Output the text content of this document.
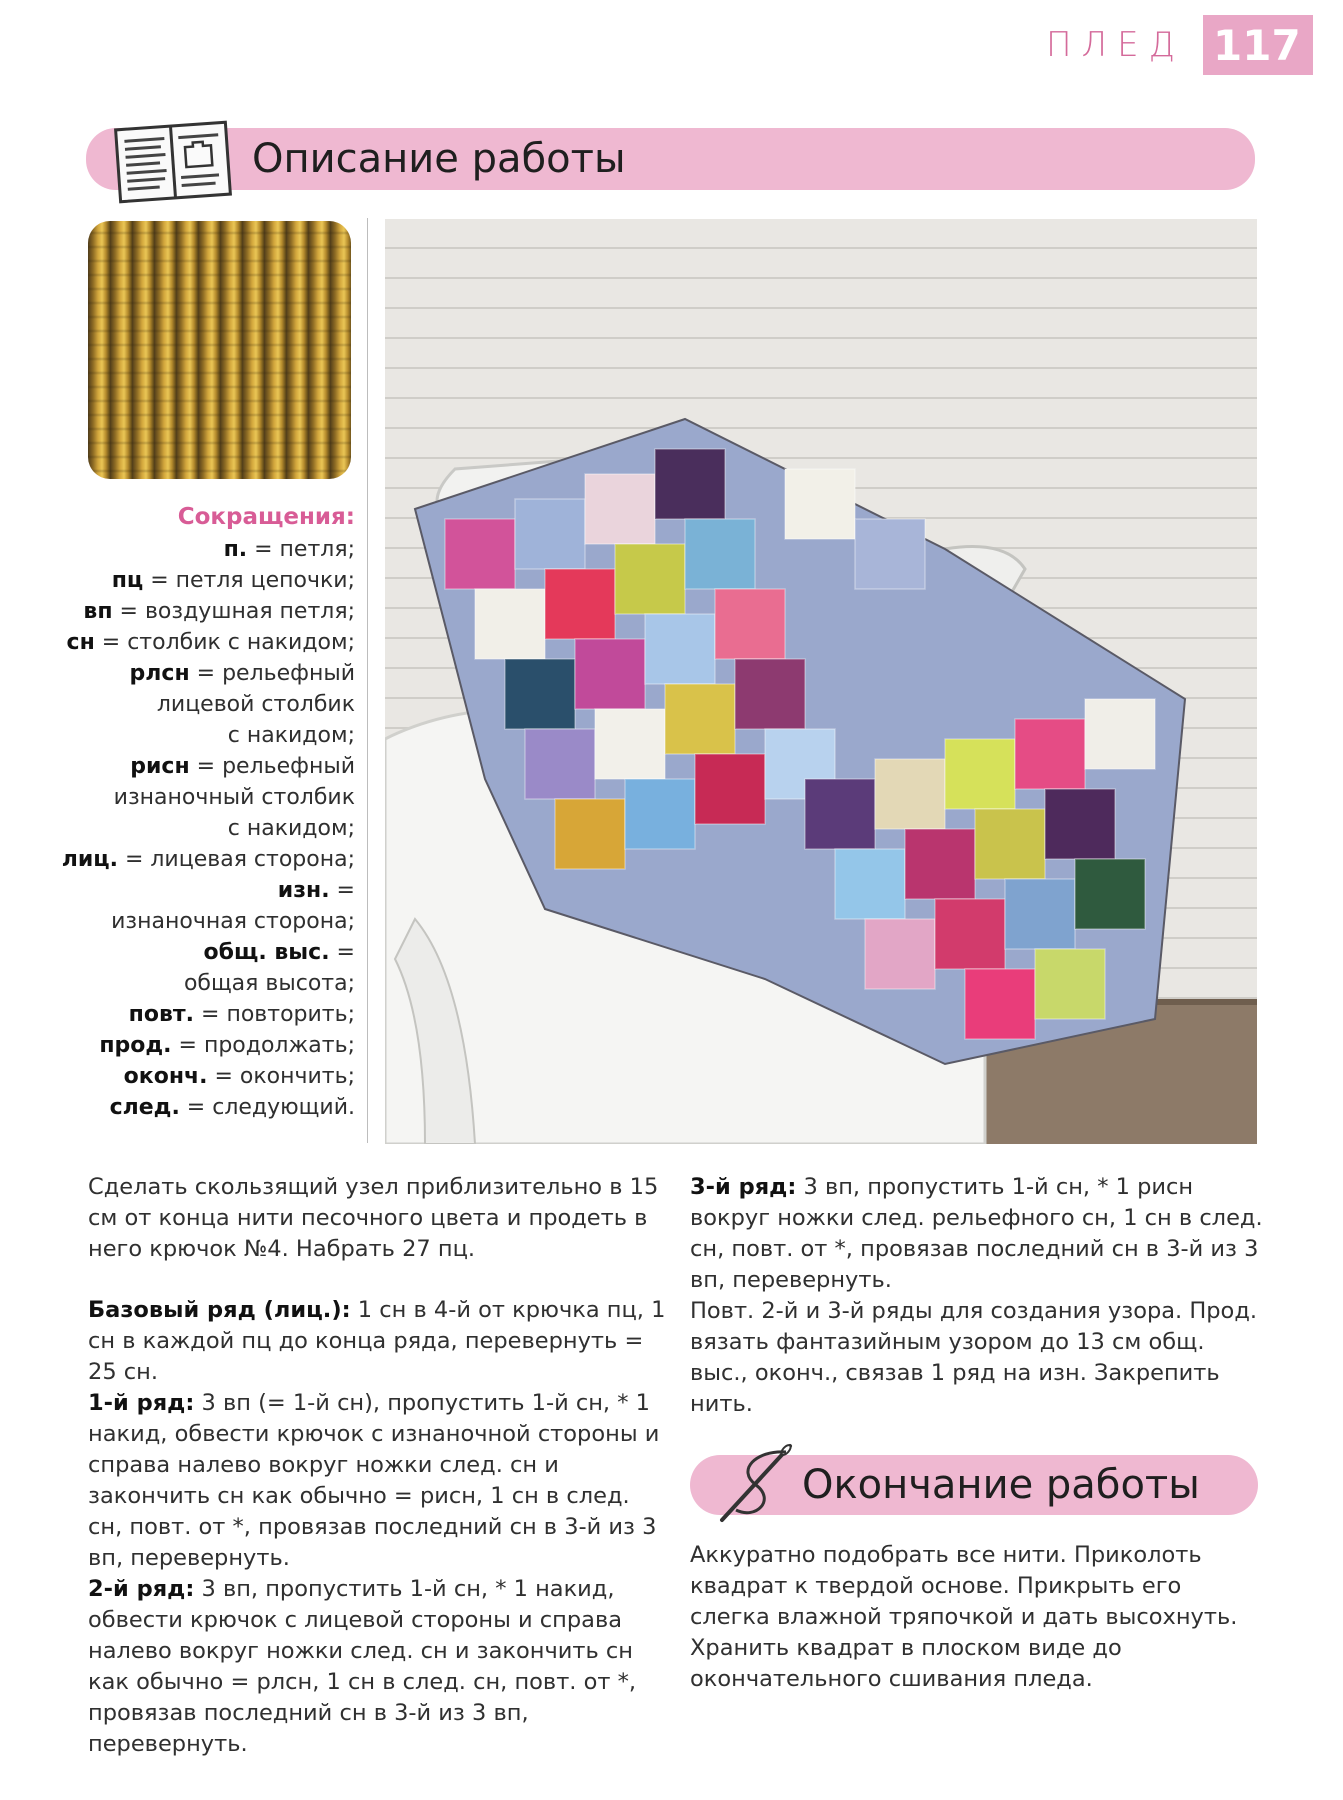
ПЛЕД 117
Описание работы
Сокращения:
п. = петля;
пц = петля цепочки;
вп = воздушная петля;
сн = столбик с накидом;
рлсн = рельефный
лицевой столбик
с накидом;
рисн = рельефный
изнаночный столбик
с накидом;
лиц. = лицевая сторона;
изн. =
изнаночная сторона;
общ. выс. =
общая высота;
повт. = повторить;
прод. = продолжать;
оконч. = окончить;
след. = следующий.

Сделать скользящий узел приблизительно в 15 см от конца нити песочного цвета и продеть в него крючок №4. Набрать 27 пц.

Базовый ряд (лиц.): 1 сн в 4-й от крючка пц, 1 сн в каждой пц до конца ряда, перевернуть = 25 сн.

1-й ряд: 3 вп (= 1-й сн), пропустить 1-й сн, * 1 накид, обвести крючок с изнаночной стороны и справа налево вокруг ножки след. сн и закончить сн как обычно = рисн, 1 сн в след. сн, повт. от *, провязав последний сн в 3-й из 3 вп, перевернуть.

2-й ряд: 3 вп, пропустить 1-й сн, * 1 накид, обвести крючок с лицевой стороны и справа налево вокруг ножки след. сн и закончить сн как обычно = рлсн, 1 сн в след. сн, повт. от *, провязав последний сн в 3-й из 3 вп, перевернуть.

3-й ряд: 3 вп, пропустить 1-й сн, * 1 рисн вокруг ножки след. рельефного сн, 1 сн в след. сн, повт. от *, провязав последний сн в 3-й из 3 вп, перевернуть.

Повт. 2-й и 3-й ряды для создания узора. Прод. вязать фантазийным узором до 13 см общ. выс., оконч., связав 1 ряд на изн. Закрепить нить.

Окончание работы
Аккуратно подобрать все нити. Приколоть квадрат к твердой основе. Прикрыть его слегка влажной тряпочкой и дать высохнуть. Хранить квадрат в плоском виде до окончательного сшивания пледа.
